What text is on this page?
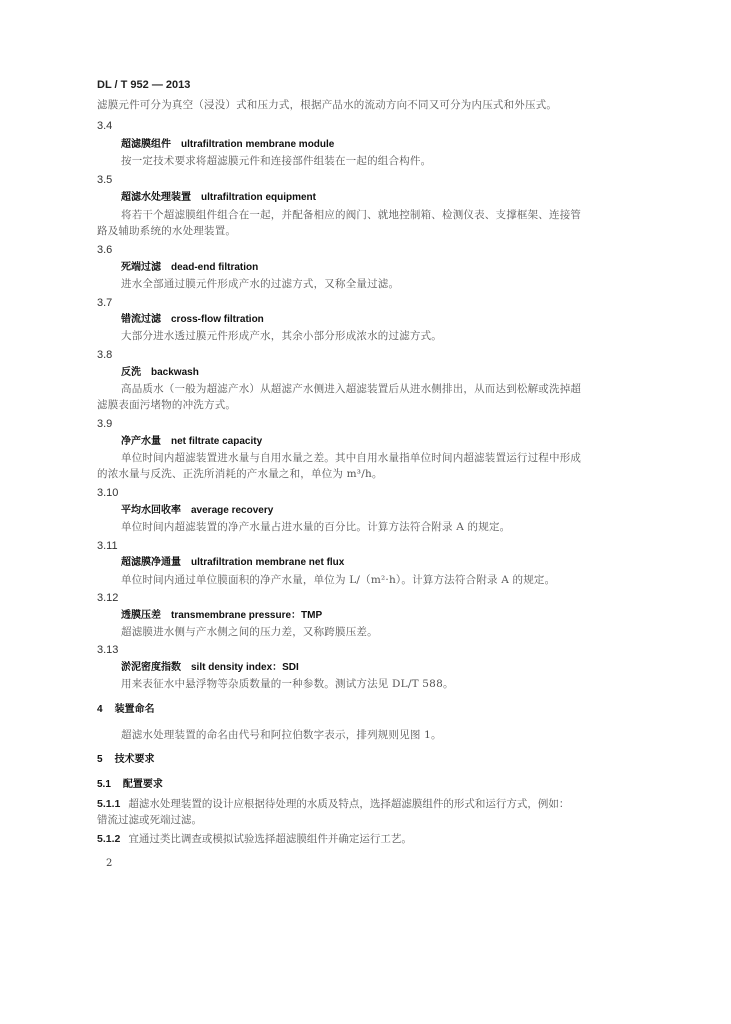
DL / T 952 — 2013
滤膜元件可分为真空（浸没）式和压力式，根据产品水的流动方向不同又可分为内压式和外压式。
3.4
超滤膜组件 ultrafiltration membrane module
按一定技术要求将超滤膜元件和连接部件组装在一起的组合构件。
3.5
超滤水处理装置 ultrafiltration equipment
将若干个超滤膜组件组合在一起，并配备相应的阀门、就地控制箱、检测仪表、支撑框架、连接管
路及辅助系统的水处理装置。
3.6
死端过滤 dead-end filtration
进水全部通过膜元件形成产水的过滤方式，又称全量过滤。
3.7
错流过滤 cross-flow filtration
大部分进水透过膜元件形成产水，其余小部分形成浓水的过滤方式。
3.8
反洗 backwash
高品质水（一般为超滤产水）从超滤产水侧进入超滤装置后从进水侧排出，从而达到松解或洗掉超
滤膜表面污堵物的冲洗方式。
3.9
净产水量 net filtrate capacity
单位时间内超滤装置进水量与自用水量之差。其中自用水量指单位时间内超滤装置运行过程中形成
的浓水量与反洗、正洗所消耗的产水量之和，单位为 m³/h。
3.10
平均水回收率 average recovery
单位时间内超滤装置的净产水量占进水量的百分比。计算方法符合附录 A 的规定。
3.11
超滤膜净通量 ultrafiltration membrane net flux
单位时间内通过单位膜面积的净产水量，单位为 L/（m²·h）。计算方法符合附录 A 的规定。
3.12
透膜压差 transmembrane pressure：TMP
超滤膜进水侧与产水侧之间的压力差，又称跨膜压差。
3.13
淤泥密度指数 silt density index：SDI
用来表征水中悬浮物等杂质数量的一种参数。测试方法见 DL/T 588。
4 装置命名
超滤水处理装置的命名由代号和阿拉伯数字表示，排列规则见图 1。
5 技术要求
5.1 配置要求
5.1.1 超滤水处理装置的设计应根据待处理的水质及特点，选择超滤膜组件的形式和运行方式，例如：
错流过滤或死端过滤。
5.1.2 宜通过类比调查或模拟试验选择超滤膜组件并确定运行工艺。
2
